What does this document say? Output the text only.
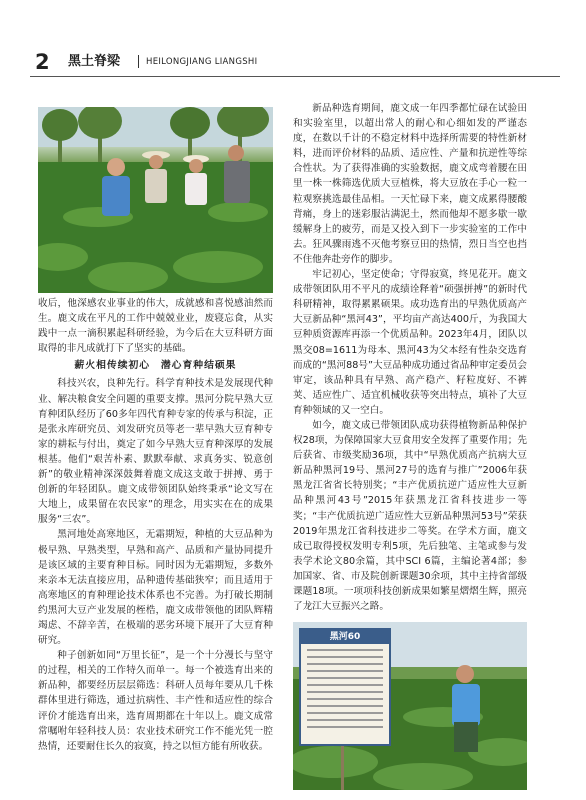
2 黑土脊梁	HEILONGJIANG LIANGSHI

收后，他深感农业事业的伟大，成就感和喜悦感油然而生。鹿文成在平凡的工作中兢兢业业，废寝忘食，从实践中一点一滴积累起科研经验，为今后在大豆科研方面取得的非凡成就打下了坚实的基础。

薪火相传续初心　潜心育种结硕果

科技兴农，良种先行。科学育种技术是发展现代种业、解决粮食安全问题的重要支撑。黑河分院早熟大豆育种团队经历了60多年四代育种专家的传承与积淀，正是张永库研究员、刘发研究员等老一辈早熟大豆育种专家的耕耘与付出，奠定了如今早熟大豆育种深厚的发展根基。他们“艰苦朴素、默默奉献、求真务实、锐意创新”的敬业精神深深鼓舞着鹿文成这支敢于拼搏、勇于创新的年轻团队。鹿文成带领团队始终秉承“论文写在大地上，成果留在农民家”的理念，用实实在在的成果服务“三农”。

黑河地处高寒地区，无霜期短，种植的大豆品种为极早熟、早熟类型，早熟和高产、品质和产量协同提升是该区域的主要育种目标。同时因为无霜期短，多数外来亲本无法直接应用，品种遗传基础狭窄；而且适用于高寒地区的育种理论技术体系也不完善。为打破长期制约黑河大豆产业发展的桎梏，鹿文成带领他的团队辉精竭虑、不辞辛苦，在极端的恶劣环境下展开了大豆育种研究。

种子创新如同“万里长征”，是一个十分漫长与坚守的过程，相关的工作特久而单一。每一个被选育出来的新品种，都要经历层层筛选：科研人员每年要从几千株群体里进行筛选，通过抗病性、丰产性和适应性的综合评价才能选育出来，选育周期都在十年以上。鹿文成常常嘱咐年轻科技人员：农业技术研究工作不能光凭一腔热情，还要耐住长久的寂寞，持之以恒方能有所收获。

新品种选育期间，鹿文成一年四季都忙碌在试验田和实验室里，以超出常人的耐心和心细如发的严谨态度，在数以千计的不稳定材料中选择所需要的特性新材料，进而评价材料的品质、适应性、产量和抗逆性等综合性状。为了获得准确的实验数据，鹿文成弯着腰在田里一株一株筛选优质大豆植株，将大豆放在手心一粒一粒观察挑选最佳品相。一天忙碌下来，鹿文成累得腰酸背痛，身上的迷彩服沾满泥土，然而他却不愿多歇一歇缓解身上的疲劳，而是又投入到下一步实验室的工作中去。狂风骤雨逃不灭他考察豆田的热情，烈日当空也挡不住他奔赴旁作的脚步。

牢记初心，坚定使命；守得寂寞，终见花开。鹿文成带领团队用不平凡的成绩诠释着“硕强拼搏”的新时代科研精神，取得累累硕果。成功选育出的早熟优质高产大豆新品种“黑河43”，平均亩产高达400斤，为我国大豆种质资源库再添一个优质品种。2023年4月，团队以黑交08=1611为母本、黑河43为父本经有性杂交选育而成的“黑河88号”大豆品种成功通过省品种审定委员会审定，该品种具有早熟、高产稳产、籽粒度好、不裤荚、适应性广、适宜机械收获等突出特点，填补了大豆育种领域的又一空白。

如今，鹿文成已带领团队成功获得植物新品种保护权28项，为保障国家大豆食用安全发挥了重要作用；先后获省、市级奖励36项，其中“早熟优质高产抗病大豆新品种黑河19号、黑河27号的选育与推广”2006年获黑龙江省省长特别奖；“丰产优质抗逆广适应性大豆新品种黑河43号”2015年获黑龙江省科技进步一等奖；“丰产优质抗逆广适应性大豆新品种黑河53号”荣获2019年黑龙江省科技进步二等奖。在学术方面，鹿文成已取得授权发明专利5项，先后独笔、主笔或参与发表学术论文80余篇，其中SCI 6篇，主编论著4部；参加国家、省、市及院创新课题30余项，其中主持省部级课题18项。一项项科技创新成果如繁星熠熠生辉，照亮了龙江大豆振兴之路。

黑河60
